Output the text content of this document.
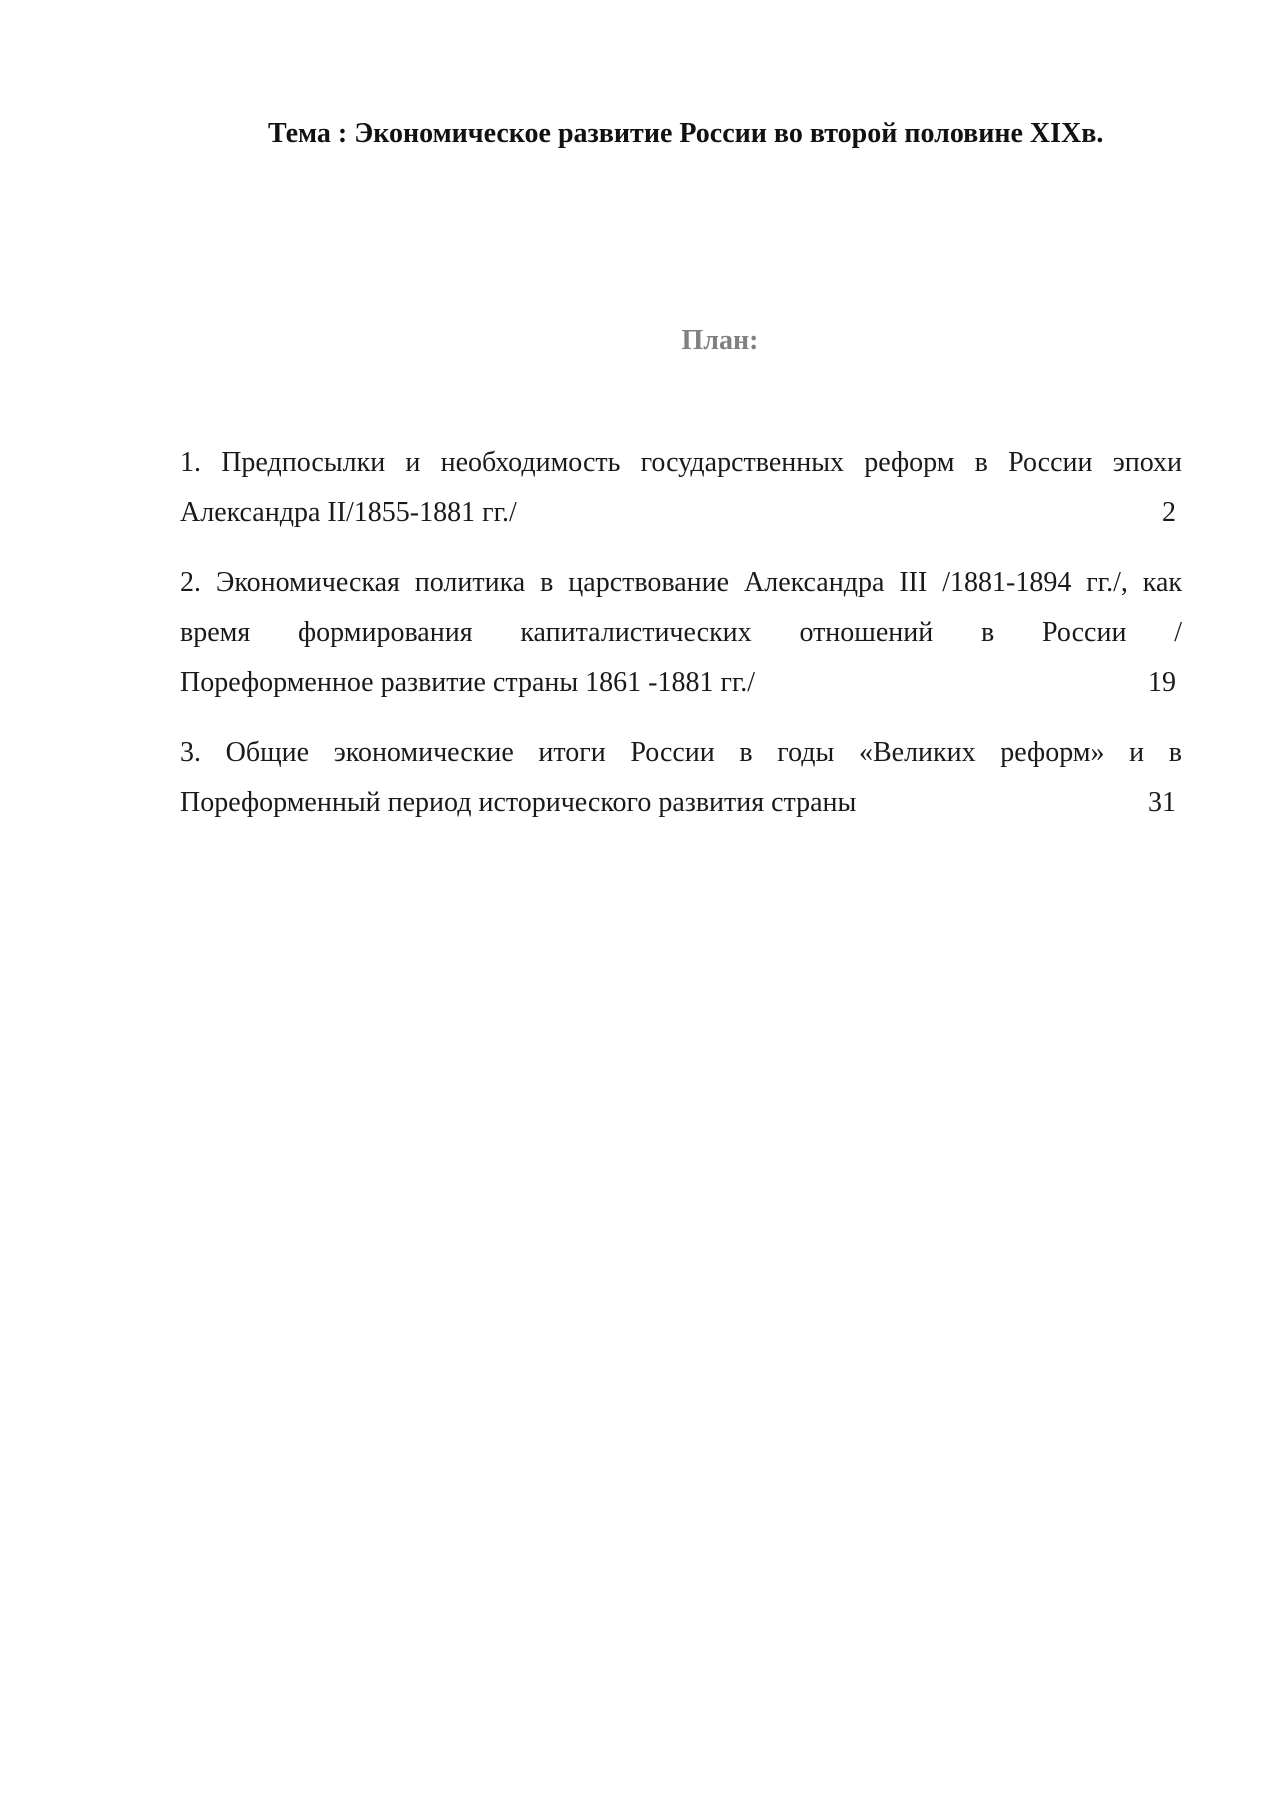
Тема : Экономическое развитие России во второй половине XIXв.
План:
1. Предпосылки и необходимость государственных реформ в России эпохи
Александра II/1855-1881 гг./	2
2. Экономическая политика в царствование Александра III /1881-1894 гг./, как
время формирования капиталистических отношений в России /
Пореформенное развитие страны 1861 -1881 гг./	19
3. Общие экономические итоги России в годы «Великих реформ» и в
Пореформенный период исторического развития страны	31
